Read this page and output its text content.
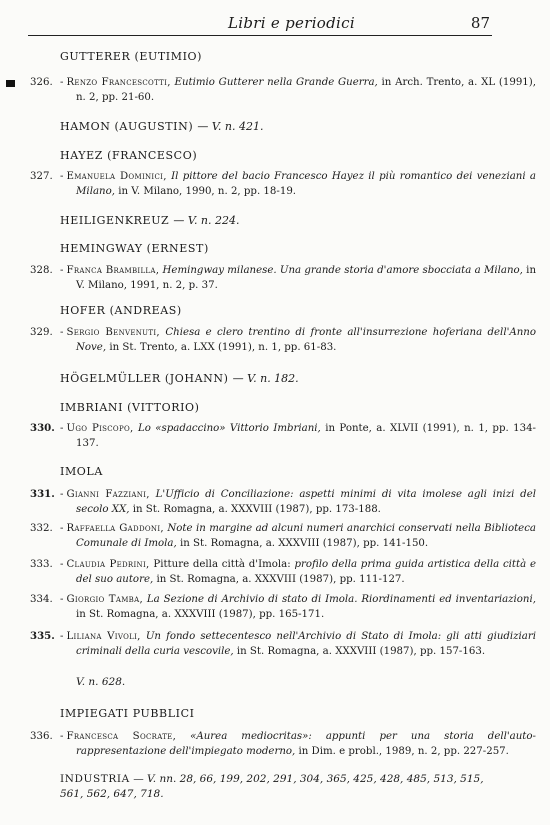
Libri e periodici	87
GUTTERER (EUTIMIO)
326. - Renzo Francescotti, Eutimio Gutterer nella Grande Guerra, in Arch. Trento, a. XL (1991), n. 2, pp. 21-60.
HAMON (AUGUSTIN) — V. n. 421.
HAYEZ (FRANCESCO)
327. - Emanuela Dominici, Il pittore del bacio Francesco Hayez il più romantico dei veneziani a Milano, in V. Milano, 1990, n. 2, pp. 18-19.
HEILIGENKREUZ — V. n. 224.
HEMINGWAY (ERNEST)
328. - Franca Brambilla, Hemingway milanese. Una grande storia d'amore sbocciata a Milano, in V. Milano, 1991, n. 2, p. 37.
HOFER (ANDREAS)
329. - Sergio Benvenuti, Chiesa e clero trentino di fronte all'insurrezione hoferiana dell'Anno Nove, in St. Trento, a. LXX (1991), n. 1, pp. 61-83.
HÖGELMÜLLER (JOHANN) — V. n. 182.
IMBRIANI (VITTORIO)
330. - Ugo Piscopo, Lo «spadaccino» Vittorio Imbriani, in Ponte, a. XLVII (1991), n. 1, pp. 134-137.
IMOLA
331. - Gianni Fazziani, L'Ufficio di Conciliazione: aspetti minimi di vita imolese agli inizi del secolo XX, in St. Romagna, a. XXXVIII (1987), pp. 173-188.
332. - Raffaella Gaddoni, Note in margine ad alcuni numeri anarchici conservati nella Biblioteca Comunale di Imola, in St. Romagna, a. XXXVIII (1987), pp. 141-150.
333. - Claudia Pedrini, Pitture della città d'Imola: profilo della prima guida artistica della città e del suo autore, in St. Romagna, a. XXXVIII (1987), pp. 111-127.
334. - Giorgio Tamba, La Sezione di Archivio di stato di Imola. Riordinamenti ed inventariazioni, in St. Romagna, a. XXXVIII (1987), pp. 165-171.
335. - Liliana Vivoli, Un fondo settecentesco nell'Archivio di Stato di Imola: gli atti giudiziari criminali della curia vescovile, in St. Romagna, a. XXXVIII (1987), pp. 157-163.
V. n. 628.
IMPIEGATI PUBBLICI
336. - Francesca Socrate, «Aurea mediocritas»: appunti per una storia dell'auto-rappresentazione dell'impiegato moderno, in Dim. e probl., 1989, n. 2, pp. 227-257.
INDUSTRIA — V. nn. 28, 66, 199, 202, 291, 304, 365, 425, 428, 485, 513, 515, 561, 562, 647, 718.
